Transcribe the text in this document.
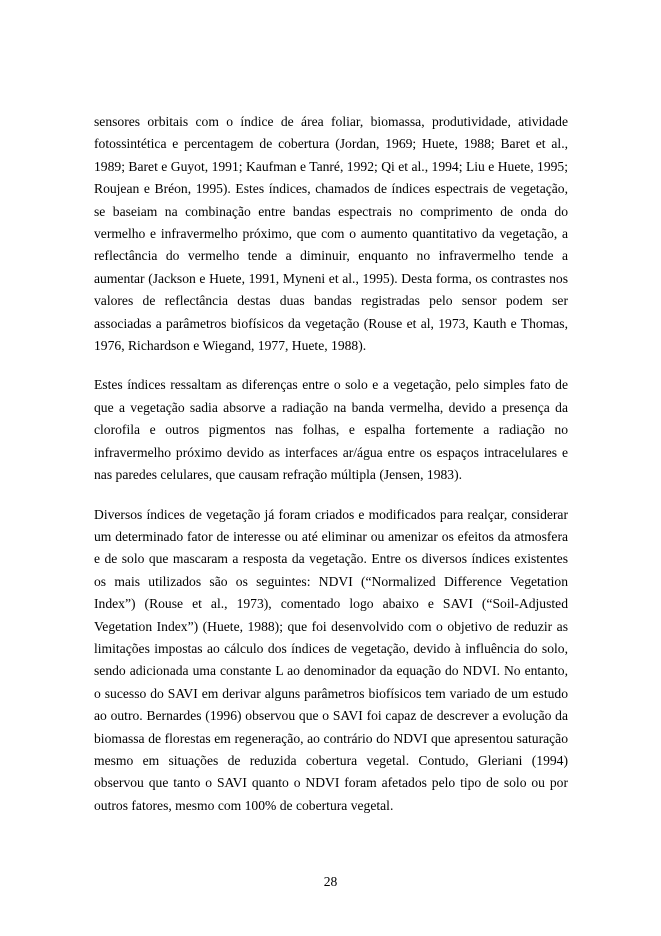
sensores orbitais com o índice de área foliar, biomassa, produtividade, atividade fotossintética e percentagem de cobertura (Jordan, 1969; Huete, 1988; Baret et al., 1989; Baret e Guyot, 1991; Kaufman e Tanré, 1992; Qi et al., 1994; Liu e Huete, 1995; Roujean e Bréon, 1995). Estes índices, chamados de índices espectrais de vegetação, se baseiam na combinação entre bandas espectrais no comprimento de onda do vermelho e infravermelho próximo, que com o aumento quantitativo da vegetação, a reflectância do vermelho tende a diminuir, enquanto no infravermelho tende a aumentar (Jackson e Huete, 1991, Myneni et al., 1995). Desta forma, os contrastes nos valores de reflectância destas duas bandas registradas pelo sensor podem ser associadas a parâmetros biofísicos da vegetação (Rouse et al, 1973, Kauth e Thomas, 1976, Richardson e Wiegand, 1977, Huete, 1988).

Estes índices ressaltam as diferenças entre o solo e a vegetação, pelo simples fato de que a vegetação sadia absorve a radiação na banda vermelha, devido a presença da clorofila e outros pigmentos nas folhas, e espalha fortemente a radiação no infravermelho próximo devido as interfaces ar/água entre os espaços intracelulares e nas paredes celulares, que causam refração múltipla (Jensen, 1983).

Diversos índices de vegetação já foram criados e modificados para realçar, considerar um determinado fator de interesse ou até eliminar ou amenizar os efeitos da atmosfera e de solo que mascaram a resposta da vegetação. Entre os diversos índices existentes os mais utilizados são os seguintes: NDVI (“Normalized Difference Vegetation Index”) (Rouse et al., 1973), comentado logo abaixo e SAVI (“Soil-Adjusted Vegetation Index”) (Huete, 1988); que foi desenvolvido com o objetivo de reduzir as limitações impostas ao cálculo dos índices de vegetação, devido à influência do solo, sendo adicionada uma constante L ao denominador da equação do NDVI. No entanto, o sucesso do SAVI em derivar alguns parâmetros biofísicos tem variado de um estudo ao outro. Bernardes (1996) observou que o SAVI foi capaz de descrever a evolução da biomassa de florestas em regeneração, ao contrário do NDVI que apresentou saturação mesmo em situações de reduzida cobertura vegetal. Contudo, Gleriani (1994) observou que tanto o SAVI quanto o NDVI foram afetados pelo tipo de solo ou por outros fatores, mesmo com 100% de cobertura vegetal.

28
